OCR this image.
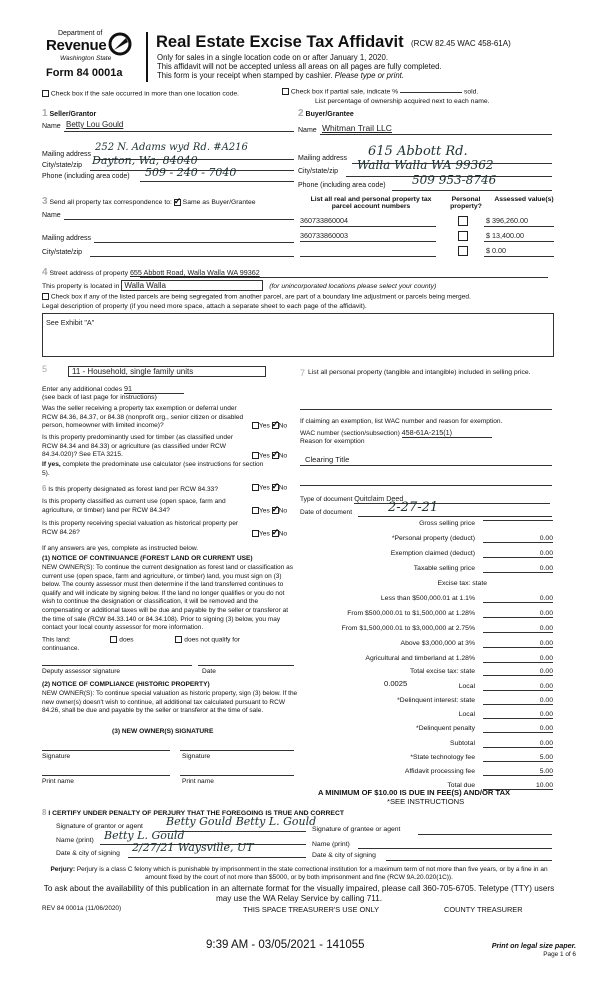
Department of
Revenue
Washington State
Form 84 0001a
Real Estate Excise Tax Affidavit (RCW 82.45 WAC 458-61A)
Only for sales in a single location code on or after January 1, 2020.
This affidavit will not be accepted unless all areas on all pages are fully completed.
This form is your receipt when stamped by cashier. Please type or print.
Check box if the sale occurred in more than one location code.	Check box if partial sale, indicate %	sold.
List percentage of ownership acquired next to each name.
1 Seller/Grantor
Name Betty Lou Gould
Mailing address
252 N. Adams wyd Rd. #A216
City/state/zip Dayton, Wa, 84040
Phone (including area code) 509 - 240 - 7040
2 Buyer/Grantee
Name Whitman Trail LLC
Mailing address 615 Abbott Rd.
City/state/zip Walla Walla WA 99362
Phone (including area code) 509 953-8746
3 Send all property tax correspondence to: ✓ Same as Buyer/Grantee
Name
Mailing address
City/state/zip
List all real and personal property tax parcel account numbers
Personal property?
Assessed value(s)
360733860004	$ 396,260.00
360733860003	$ 13,400.00
$ 0.00
4 Street address of property 655 Abbott Road, Walla Walla WA 99362
This property is located in Walla Walla	(for unincorporated locations please select your county)
Check box if any of the listed parcels are being segregated from another parcel, are part of a boundary line adjustment or parcels being merged.
Legal description of property (if you need more space, attach a separate sheet to each page of the affidavit).
See Exhibit "A"
5	11 - Household, single family units
Enter any additional codes 91
(see back of last page for instructions)
Was the seller receiving a property tax exemption or deferral under RCW 84.36, 84.37, or 84.38 (nonprofit org., senior citizen or disabled person, homeowner with limited income)?	Yes ✓ No
Is this property predominantly used for timber (as classified under RCW 84.34 and 84.33) or agriculture (as classified under RCW 84.34.020)? See ETA 3215.	Yes ✓ No
If yes, complete the predominate use calculator (see instructions for section 5).
6 Is this property designated as forest land per RCW 84.33?	Yes ✓ No
Is this property classified as current use (open space, farm and agriculture, or timber) land per RCW 84.34?	Yes ✓ No
Is this property receiving special valuation as historical property per RCW 84.26?	Yes ✓ No
If any answers are yes, complete as instructed below.
(1) NOTICE OF CONTINUANCE (FOREST LAND OR CURRENT USE)
NEW OWNER(S): To continue the current designation as forest land or classification as current use (open space, farm and agriculture, or timber) land, you must sign on (3) below. The county assessor must then determine if the land transferred continues to qualify and will indicate by signing below. If the land no longer qualifies or you do not wish to continue the designation or classification, it will be removed and the compensating or additional taxes will be due and payable by the seller or transferor at the time of sale (RCW 84.33.140 or 84.34.108). Prior to signing (3) below, you may contact your local county assessor for more information.
This land:	does	does not qualify for
continuance.
Deputy assessor signature	Date
(2) NOTICE OF COMPLIANCE (HISTORIC PROPERTY)
NEW OWNER(S): To continue special valuation as historic property, sign (3) below. If the new owner(s) doesn't wish to continue, all additional tax calculated pursuant to RCW 84.26, shall be due and payable by the seller or transferor at the time of sale.
(3) NEW OWNER(S) SIGNATURE
Signature	Signature
Print name	Print name
7 List all personal property (tangible and intangible) included in selling price.
If claiming an exemption, list WAC number and reason for exemption.
WAC number (section/subsection) 458-61A-215(1)
Reason for exemption
Clearing Title
Type of document Quitclaim Deed
Date of document	2-27-21
Gross selling price
*Personal property (deduct)	0.00
Exemption claimed (deduct)	0.00
Taxable selling price	0.00
Excise tax: state
Less than $500,000.01 at 1.1%	0.00
From $500,000.01 to $1,500,000 at 1.28%	0.00
From $1,500,000.01 to $3,000,000 at 2.75%	0.00
Above $3,000,000 at 3%	0.00
Agricultural and timberland at 1.28%	0.00
Total excise tax: state	0.00
Local	0.00
*Delinquent interest: state	0.00
Local	0.00
*Delinquent penalty	0.00
Subtotal	0.00
*State technology fee	5.00
Affidavit processing fee	5.00
Total due	10.00
0.0025
A MINIMUM OF $10.00 IS DUE IN FEE(S) AND/OR TAX
*SEE INSTRUCTIONS
8 I CERTIFY UNDER PENALTY OF PERJURY THAT THE FOREGOING IS TRUE AND CORRECT
Signature of grantor or agent Betty Gould Betty L. Gould
Name (print) Betty L. Gould
Date & city of signing 2/27/21 Waysville, UT
Signature of grantee or agent
Name (print)
Date & city of signing
Perjury: Perjury is a class C felony which is punishable by imprisonment in the state correctional institution for a maximum term of not more than five years, or by a fine in an amount fixed by the court of not more than $5000, or by both imprisonment and fine (RCW 9A.20.020(1C)).
To ask about the availability of this publication in an alternate format for the visually impaired, please call 360-705-6705. Teletype (TTY) users may use the WA Relay Service by calling 711.
REV 84 0001a (11/06/2020)	THIS SPACE TREASURER'S USE ONLY	COUNTY TREASURER
9:39 AM - 03/05/2021 - 141055	Print on legal size paper.
Page 1 of 6
